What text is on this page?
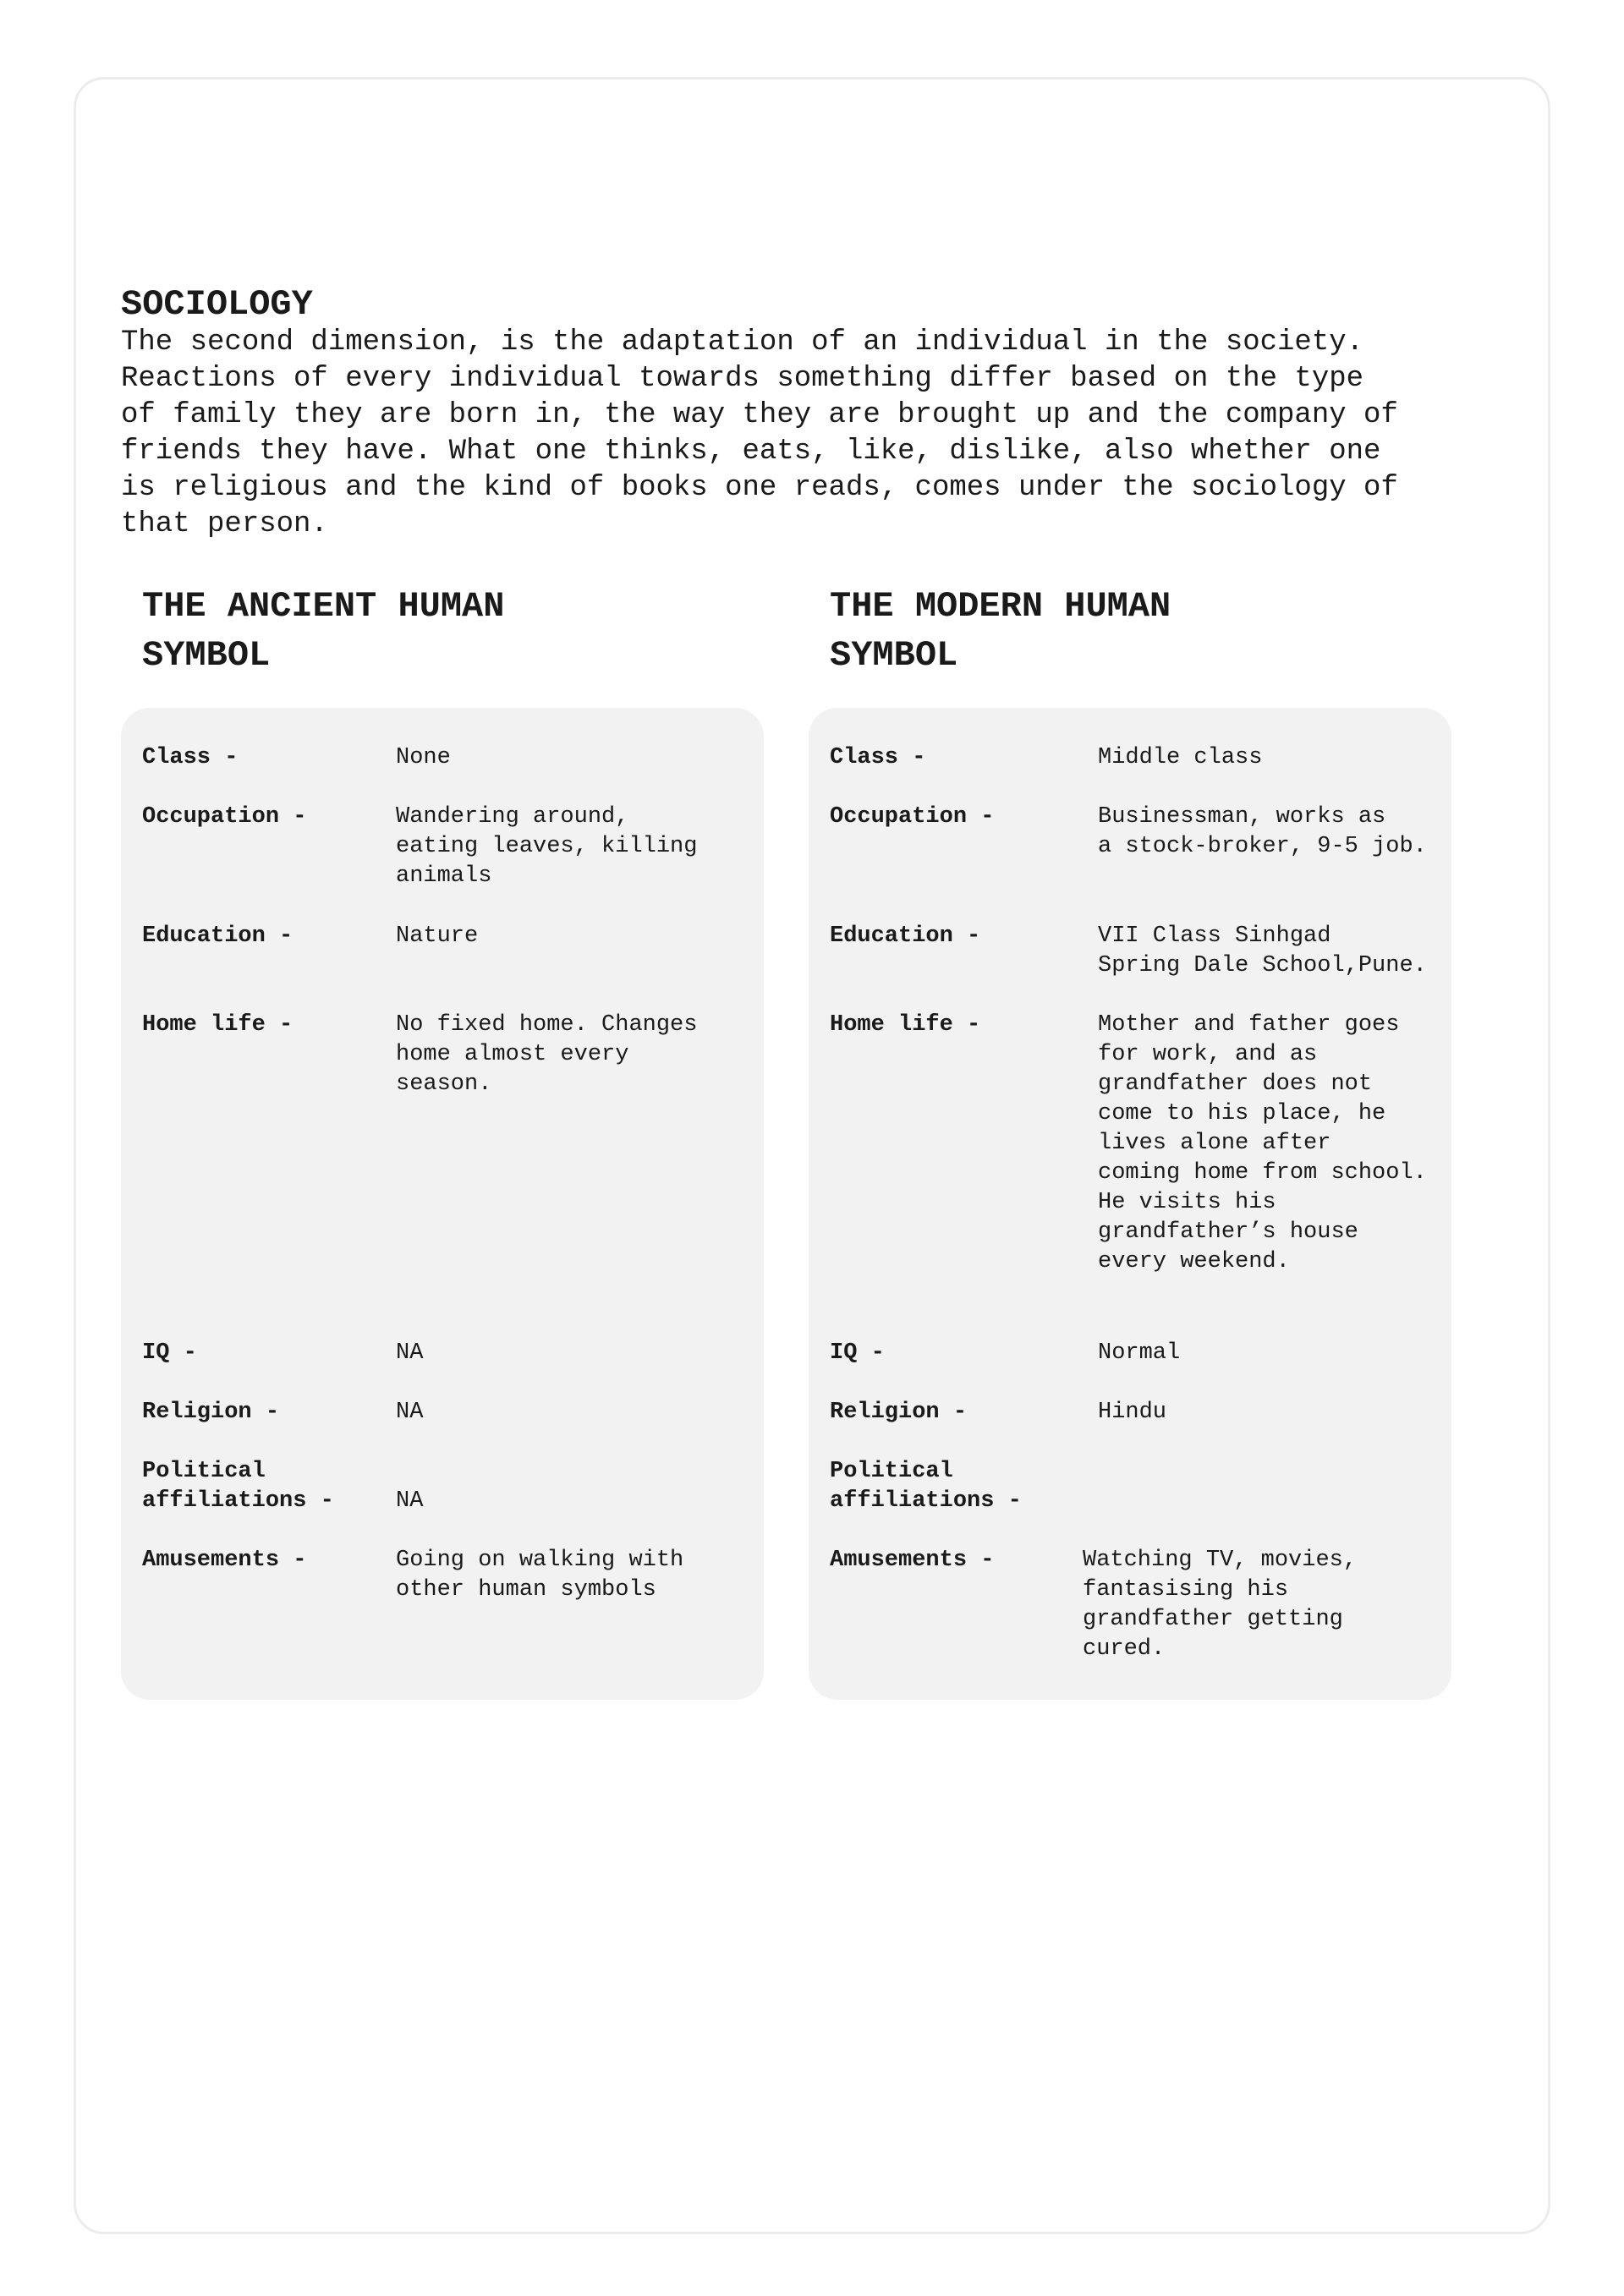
SOCIOLOGY

The second dimension, is the adaptation of an individual in the society.
Reactions of every individual towards something differ based on the type
of family they are born in, the way they are brought up and the company of
friends they have. What one thinks, eats, like, dislike, also whether one
is religious and the kind of books one reads, comes under the sociology of
that person.

THE ANCIENT HUMAN
SYMBOL
THE MODERN HUMAN
SYMBOL

Class -	None

Occupation -	Wandering around,
eating leaves, killing
animals

Education -	Nature

Home life -	No fixed home. Changes
home almost every
season.

IQ -	NA

Religion -	NA

Political
affiliations -	NA

Amusements -	Going on walking with
other human symbols

Class -	Middle class

Occupation -	Businessman, works as
a stock-broker, 9-5 job.

Education -	VII Class Sinhgad
Spring Dale School,Pune.

Home life -	Mother and father goes
for work, and as
grandfather does not
come to his place, he
lives alone after
coming home from school.
He visits his
grandfather’s house
every weekend.

IQ -	Normal

Religion -	Hindu

Political
affiliations -

Amusements -	Watching TV, movies,
fantasising his
grandfather getting
cured.
